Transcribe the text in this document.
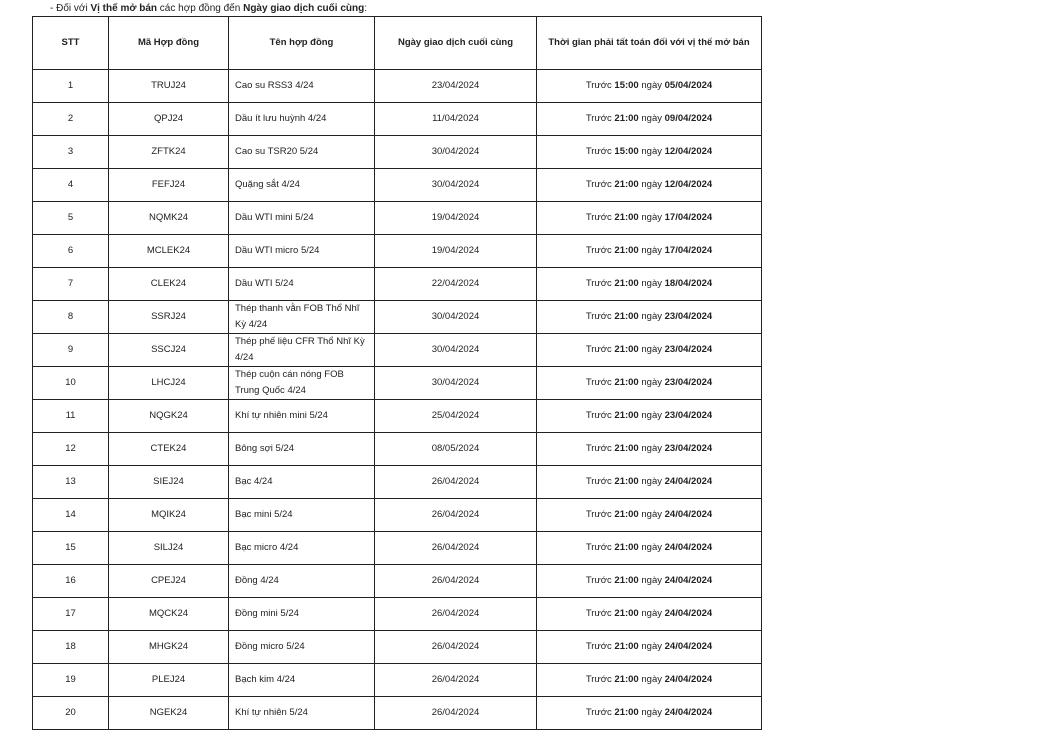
- Đối với Vị thế mở bán các hợp đồng đến Ngày giao dịch cuối cùng:
STT	Mã Hợp đồng	Tên hợp đồng	Ngày giao dịch cuối cùng	Thời gian phải tất toán đối với vị thế mở bán
1	TRUJ24	Cao su RSS3 4/24	23/04/2024	Trước 15:00 ngày 05/04/2024
2	QPJ24	Dầu ít lưu huỳnh 4/24	11/04/2024	Trước 21:00 ngày 09/04/2024
3	ZFTK24	Cao su TSR20 5/24	30/04/2024	Trước 15:00 ngày 12/04/2024
4	FEFJ24	Quặng sắt 4/24	30/04/2024	Trước 21:00 ngày 12/04/2024
5	NQMK24	Dầu WTI mini 5/24	19/04/2024	Trước 21:00 ngày 17/04/2024
6	MCLEK24	Dầu WTI micro 5/24	19/04/2024	Trước 21:00 ngày 17/04/2024
7	CLEK24	Dầu WTI 5/24	22/04/2024	Trước 21:00 ngày 18/04/2024
8	SSRJ24	Thép thanh vằn FOB Thổ Nhĩ Kỳ 4/24	30/04/2024	Trước 21:00 ngày 23/04/2024
9	SSCJ24	Thép phế liệu CFR Thổ Nhĩ Kỳ 4/24	30/04/2024	Trước 21:00 ngày 23/04/2024
10	LHCJ24	Thép cuộn cán nóng FOB Trung Quốc 4/24	30/04/2024	Trước 21:00 ngày 23/04/2024
11	NQGK24	Khí tự nhiên mini 5/24	25/04/2024	Trước 21:00 ngày 23/04/2024
12	CTEK24	Bông sợi 5/24	08/05/2024	Trước 21:00 ngày 23/04/2024
13	SIEJ24	Bạc 4/24	26/04/2024	Trước 21:00 ngày 24/04/2024
14	MQIK24	Bạc mini 5/24	26/04/2024	Trước 21:00 ngày 24/04/2024
15	SILJ24	Bạc micro 4/24	26/04/2024	Trước 21:00 ngày 24/04/2024
16	CPEJ24	Đồng 4/24	26/04/2024	Trước 21:00 ngày 24/04/2024
17	MQCK24	Đồng mini 5/24	26/04/2024	Trước 21:00 ngày 24/04/2024
18	MHGK24	Đồng micro 5/24	26/04/2024	Trước 21:00 ngày 24/04/2024
19	PLEJ24	Bạch kim 4/24	26/04/2024	Trước 21:00 ngày 24/04/2024
20	NGEK24	Khí tự nhiên 5/24	26/04/2024	Trước 21:00 ngày 24/04/2024
